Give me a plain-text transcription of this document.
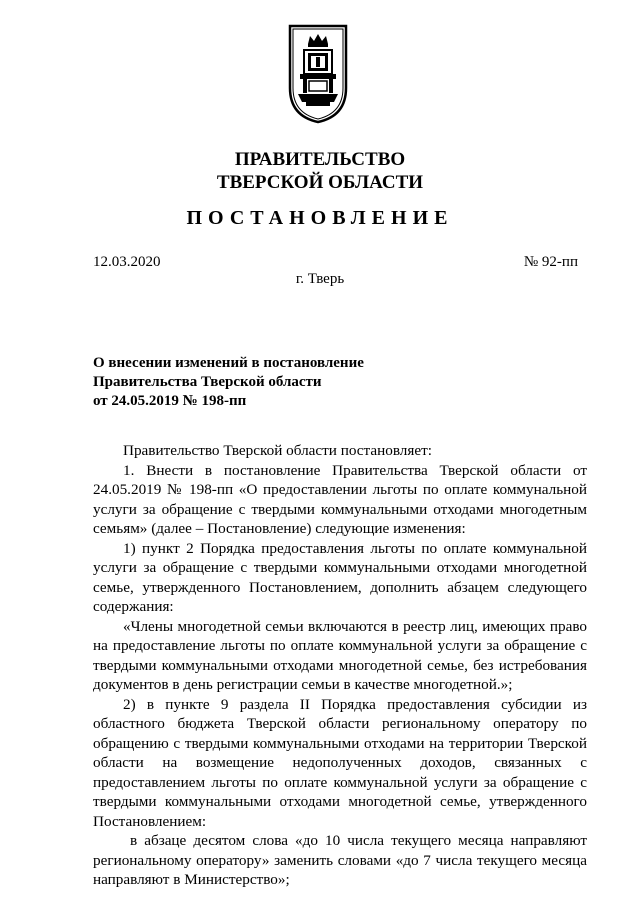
ПРАВИТЕЛЬСТВО
ТВЕРСКОЙ ОБЛАСТИ
ПОСТАНОВЛЕНИЕ
12.03.2020	№ 92-пп
г. Тверь
О внесении изменений в постановление
Правительства Тверской области
от 24.05.2019 № 198-пп

Правительство Тверской области постановляет:

1. Внести в постановление Правительства Тверской области от 24.05.2019 № 198-пп «О предоставлении льготы по оплате коммунальной услуги за обращение с твердыми коммунальными отходами многодетным семьям» (далее – Постановление) следующие изменения:

1) пункт 2 Порядка предоставления льготы по оплате коммунальной услуги за обращение с твердыми коммунальными отходами многодетной семье, утвержденного Постановлением, дополнить абзацем следующего содержания:

«Члены многодетной семьи включаются в реестр лиц, имеющих право на предоставление льготы по оплате коммунальной услуги за обращение с твердыми коммунальными отходами многодетной семье, без истребования документов в день регистрации семьи в качестве многодетной.»;

2) в пункте 9 раздела II Порядка предоставления субсидии из областного бюджета Тверской области региональному оператору по обращению с твердыми коммунальными отходами на территории Тверской области на возмещение недополученных доходов, связанных с предоставлением льготы по оплате коммунальной услуги за обращение с твердыми коммунальными отходами многодетной семье, утвержденного Постановлением:

в абзаце десятом слова «до 10 числа текущего месяца направляют региональному оператору» заменить словами «до 7 числа текущего месяца направляют в Министерство»;
